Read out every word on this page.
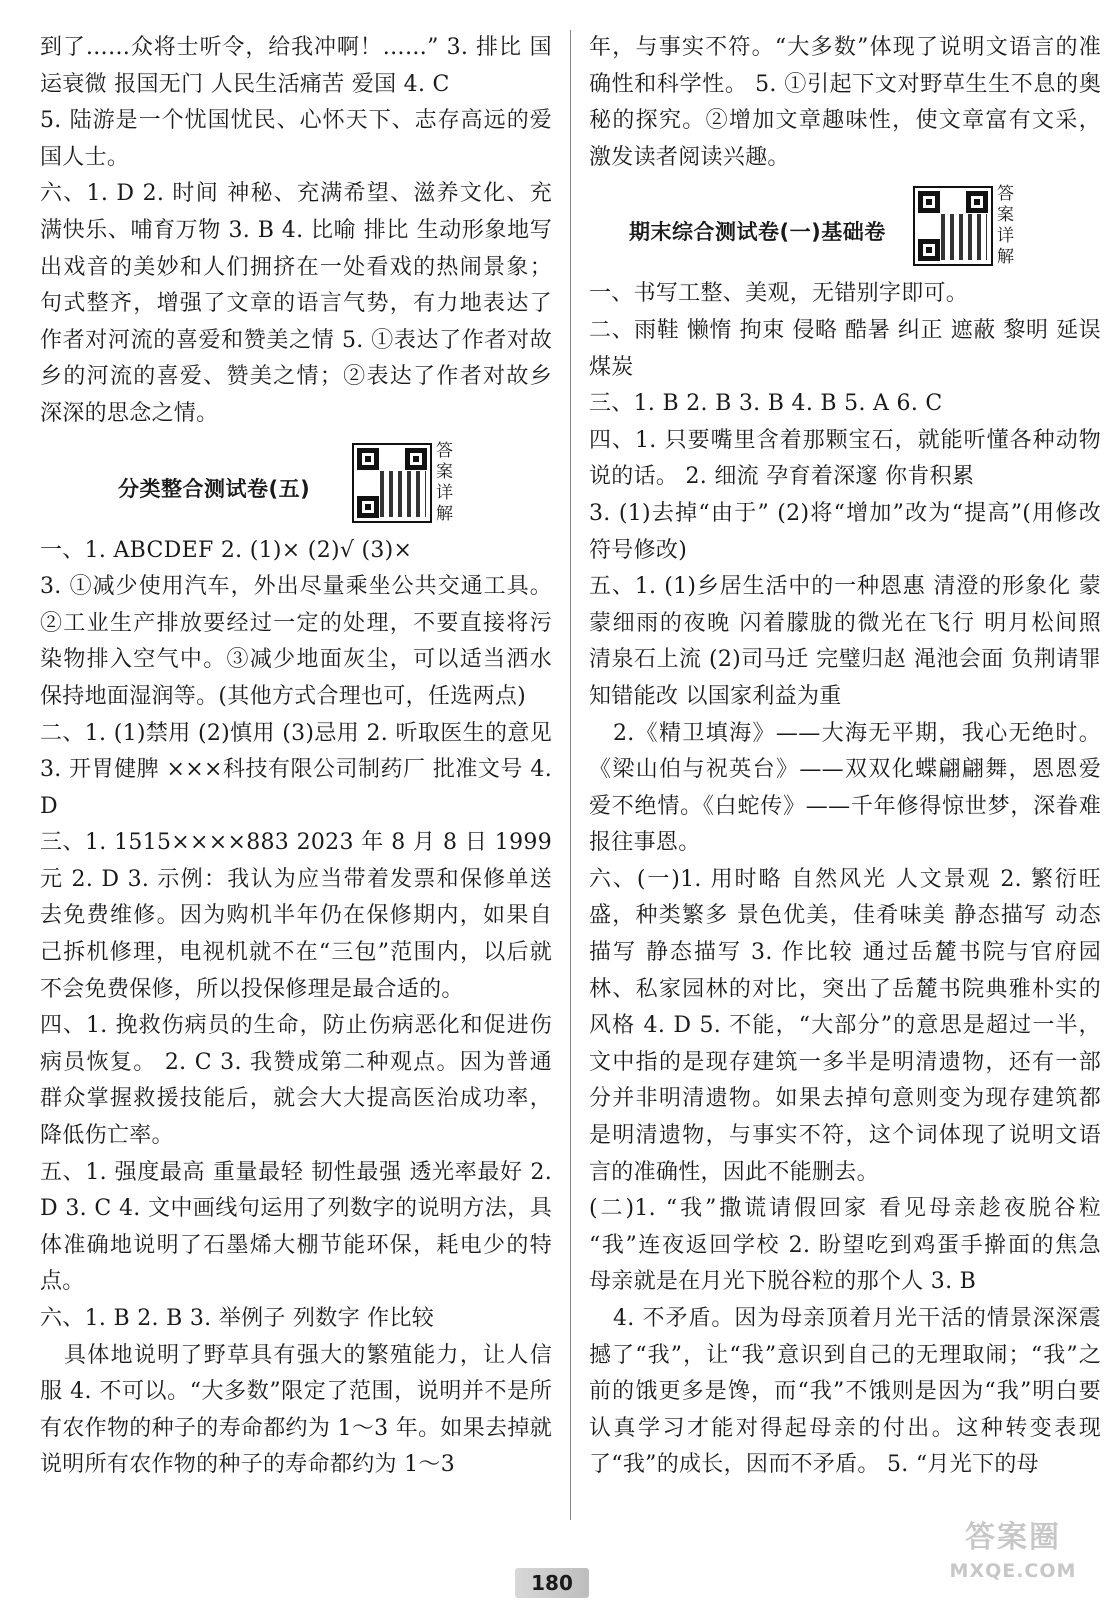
到了……众将士听令，给我冲啊！……” 3. 排比 国运衰微 报国无门 人民生活痛苦 爱国 4. C

5. 陆游是一个忧国忧民、心怀天下、志存高远的爱国人士。

六、1. D 2. 时间 神秘、充满希望、滋养文化、充满快乐、哺育万物 3. B 4. 比喻 排比 生动形象地写出戏音的美妙和人们拥挤在一处看戏的热闹景象；句式整齐，增强了文章的语言气势，有力地表达了作者对河流的喜爱和赞美之情 5. ①表达了作者对故乡的河流的喜爱、赞美之情；②表达了作者对故乡深深的思念之情。

分类整合测试卷(五)
答案详解

一、1. ABCDEF 2. (1)× (2)√ (3)×

3. ①减少使用汽车，外出尽量乘坐公共交通工具。②工业生产排放要经过一定的处理，不要直接将污染物排入空气中。③减少地面灰尘，可以适当洒水保持地面湿润等。(其他方式合理也可，任选两点)

二、1. (1)禁用 (2)慎用 (3)忌用 2. 听取医生的意见 3. 开胃健脾 ×××科技有限公司制药厂 批准文号 4. D

三、1. 1515××××883 2023 年 8 月 8 日 1999 元 2. D 3. 示例：我认为应当带着发票和保修单送去免费维修。因为购机半年仍在保修期内，如果自己拆机修理，电视机就不在“三包”范围内，以后就不会免费保修，所以投保修理是最合适的。

四、1. 挽救伤病员的生命，防止伤病恶化和促进伤病员恢复。 2. C 3. 我赞成第二种观点。因为普通群众掌握救援技能后，就会大大提高医治成功率，降低伤亡率。

五、1. 强度最高 重量最轻 韧性最强 透光率最好 2. D 3. C 4. 文中画线句运用了列数字的说明方法，具体准确地说明了石墨烯大棚节能环保，耗电少的特点。

六、1. B 2. B 3. 举例子 列数字 作比较

具体地说明了野草具有强大的繁殖能力，让人信服 4. 不可以。“大多数”限定了范围，说明并不是所有农作物的种子的寿命都约为 1～3 年。如果去掉就说明所有农作物的种子的寿命都约为 1～3

年，与事实不符。“大多数”体现了说明文语言的准确性和科学性。 5. ①引起下文对野草生生不息的奥秘的探究。②增加文章趣味性，使文章富有文采，激发读者阅读兴趣。

期末综合测试卷(一)基础卷
答案详解

一、书写工整、美观，无错别字即可。

二、雨鞋 懒惰 拘束 侵略 酷暑 纠正 遮蔽 黎明 延误 煤炭

三、1. B 2. B 3. B 4. B 5. A 6. C

四、1. 只要嘴里含着那颗宝石，就能听懂各种动物说的话。 2. 细流 孕育着深邃 你肯积累

3. (1)去掉“由于” (2)将“增加”改为“提高”(用修改符号修改)

五、1. (1)乡居生活中的一种恩惠 清澄的形象化 蒙蒙细雨的夜晚 闪着朦胧的微光在飞行 明月松间照 清泉石上流 (2)司马迁 完璧归赵 渑池会面 负荆请罪 知错能改 以国家利益为重

2.《精卫填海》——大海无平期，我心无绝时。《梁山伯与祝英台》——双双化蝶翩翩舞，恩恩爱爱不绝情。《白蛇传》——千年修得惊世梦，深眷难报往事恩。

六、(一)1. 用时略 自然风光 人文景观 2. 繁衍旺盛，种类繁多 景色优美，佳肴味美 静态描写 动态描写 静态描写 3. 作比较 通过岳麓书院与官府园林、私家园林的对比，突出了岳麓书院典雅朴实的风格 4. D 5. 不能，“大部分”的意思是超过一半，文中指的是现存建筑一多半是明清遗物，还有一部分并非明清遗物。如果去掉句意则变为现存建筑都是明清遗物，与事实不符，这个词体现了说明文语言的准确性，因此不能删去。

(二)1. “我”撒谎请假回家 看见母亲趁夜脱谷粒 “我”连夜返回学校 2. 盼望吃到鸡蛋手擀面的焦急 母亲就是在月光下脱谷粒的那个人 3. B

4. 不矛盾。因为母亲顶着月光干活的情景深深震撼了“我”，让“我”意识到自己的无理取闹；“我”之前的饿更多是馋，而“我”不饿则是因为“我”明白要认真学习才能对得起母亲的付出。这种转变表现了“我”的成长，因而不矛盾。 5. “月光下的母

180
答案圈
MXQE.COM
